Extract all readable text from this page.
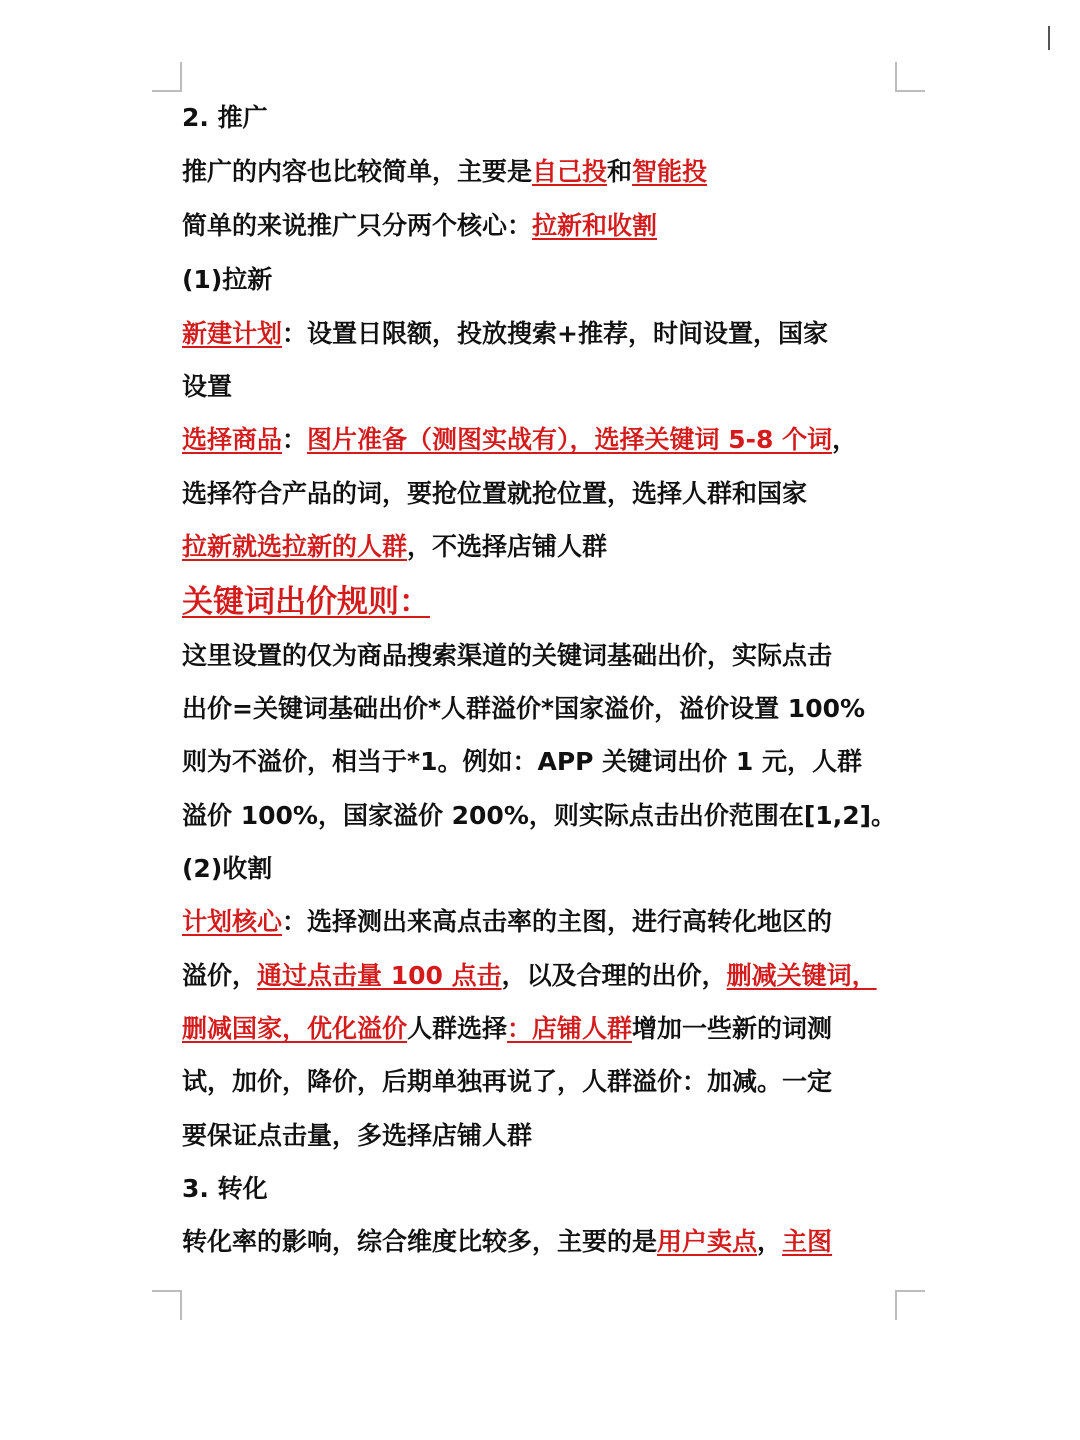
2. 推广
推广的内容也比较简单，主要是自己投和智能投
简单的来说推广只分两个核心：拉新和收割
(1)拉新
新建计划：设置日限额，投放搜索+推荐，时间设置，国家
设置
选择商品：图片准备（测图实战有），选择关键词 5-8 个词，
选择符合产品的词，要抢位置就抢位置，选择人群和国家
拉新就选拉新的人群，不选择店铺人群
关键词出价规则：
这里设置的仅为商品搜索渠道的关键词基础出价，实际点击
出价=关键词基础出价*人群溢价*国家溢价，溢价设置 100%
则为不溢价，相当于*1。例如：APP 关键词出价 1 元，人群
溢价 100%，国家溢价 200%，则实际点击出价范围在[1,2]。
(2)收割
计划核心：选择测出来高点击率的主图，进行高转化地区的
溢价，通过点击量 100 点击，以及合理的出价，删减关键词，
删减国家，优化溢价人群选择：店铺人群增加一些新的词测
试，加价，降价，后期单独再说了，人群溢价：加减。一定
要保证点击量，多选择店铺人群
3. 转化
转化率的影响，综合维度比较多，主要的是用户卖点，主图
